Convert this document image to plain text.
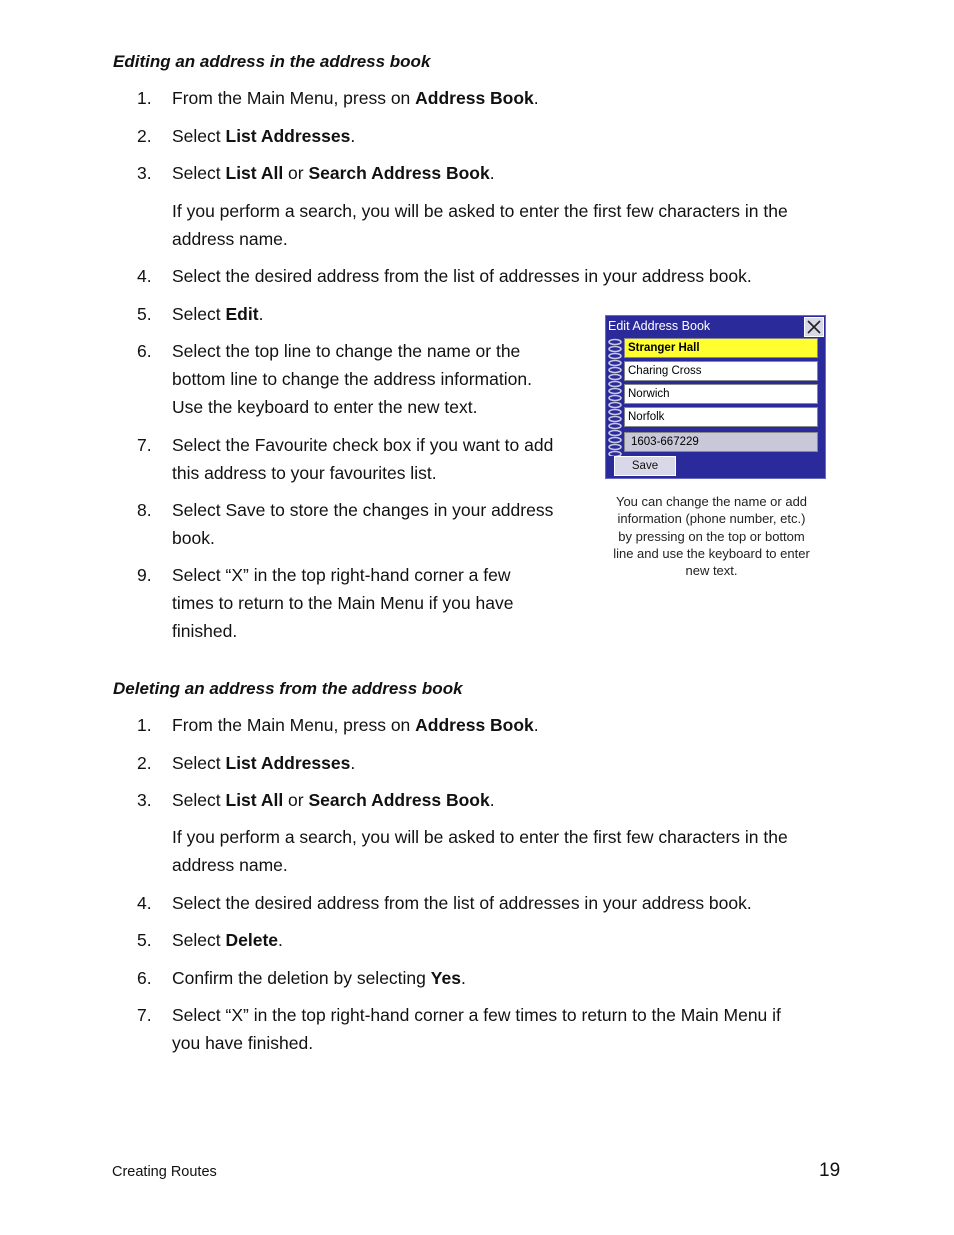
Editing an address in the address book
1.	From the Main Menu, press on Address Book.
2.	Select List Addresses.
3.	Select List All or Search Address Book.
If you perform a search, you will be asked to enter the first few characters in the
address name.
4.	Select the desired address from the list of addresses in your address book.
5.	Select Edit.
6.	Select the top line to change the name or the
bottom line to change the address information.
Use the keyboard to enter the new text.
7.	Select the Favourite check box if you want to add
this address to your favourites list.
8.	Select Save to store the changes in your address
book.
9.	Select “X” in the top right-hand corner a few
times to return to the Main Menu if you have
finished.
Edit Address Book
Stranger Hall
Charing Cross
Norwich
Norfolk
1603-667229
Save
You can change the name or add
information (phone number, etc.)
by pressing on the top or bottom
line and use the keyboard to enter
new text.
Deleting an address from the address book
1.	From the Main Menu, press on Address Book.
2.	Select List Addresses.
3.	Select List All or Search Address Book.
If you perform a search, you will be asked to enter the first few characters in the
address name.
4.	Select the desired address from the list of addresses in your address book.
5.	Select Delete.
6.	Confirm the deletion by selecting Yes.
7.	Select “X” in the top right-hand corner a few times to return to the Main Menu if
you have finished.
Creating Routes	19
